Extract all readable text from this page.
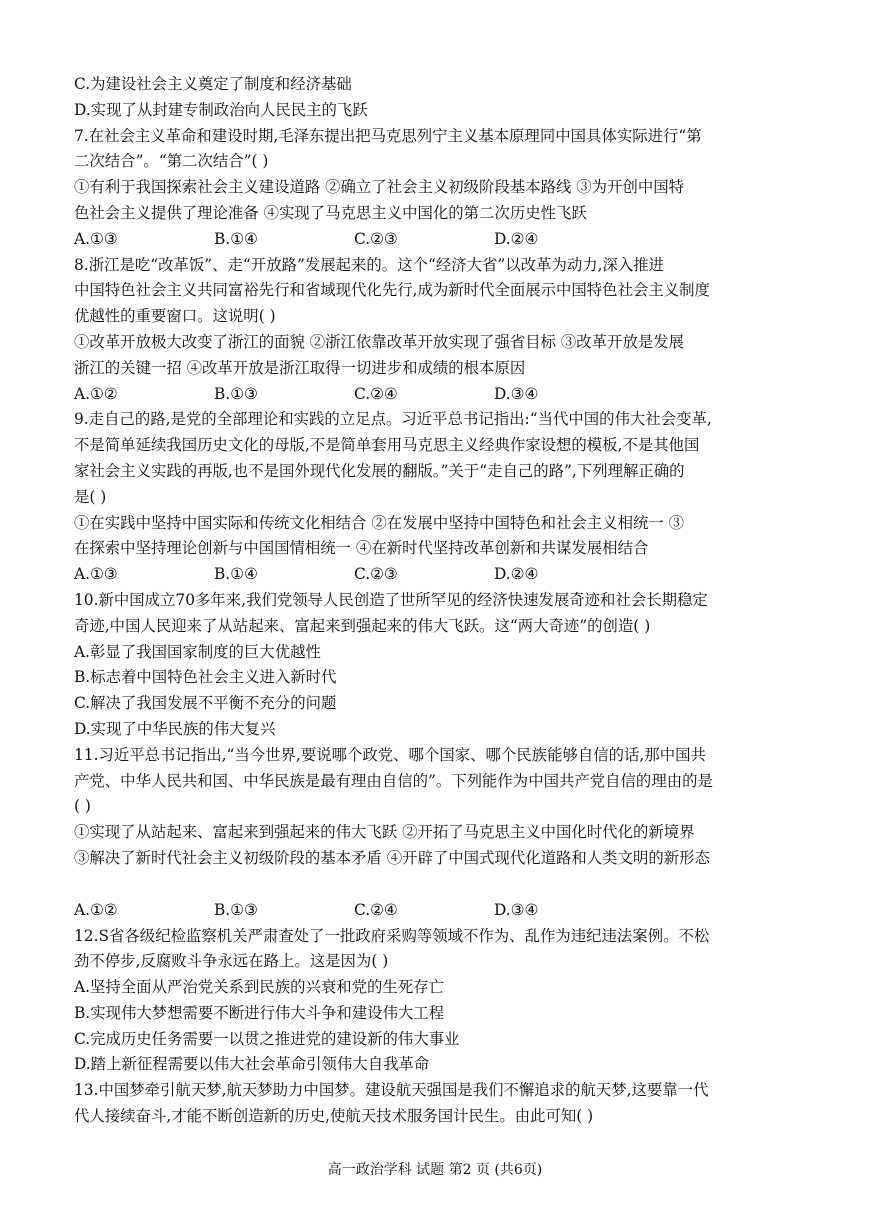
C.为建设社会主义奠定了制度和经济基础
D.实现了从封建专制政治向人民民主的飞跃
7.在社会主义革命和建设时期,毛泽东提出把马克思列宁主义基本原理同中国具体实际进行“第
二次结合”。“第二次结合”( )
①有利于我国探索社会主义建设道路 ②确立了社会主义初级阶段基本路线 ③为开创中国特
色社会主义提供了理论准备 ④实现了马克思主义中国化的第二次历史性飞跃
A.①③	B.①④	C.②③	D.②④
8.浙江是吃“改革饭”、走“开放路”发展起来的。这个“经济大省”以改革为动力,深入推进
中国特色社会主义共同富裕先行和省域现代化先行,成为新时代全面展示中国特色社会主义制度
优越性的重要窗口。这说明( )
①改革开放极大改变了浙江的面貌 ②浙江依靠改革开放实现了强省目标 ③改革开放是发展
浙江的关键一招 ④改革开放是浙江取得一切进步和成绩的根本原因
A.①②	B.①③	C.②④	D.③④
9.走自己的路,是党的全部理论和实践的立足点。习近平总书记指出:“当代中国的伟大社会变革,
不是简单延续我国历史文化的母版,不是简单套用马克思主义经典作家设想的模板,不是其他国
家社会主义实践的再版,也不是国外现代化发展的翻版。”关于“走自己的路”,下列理解正确的
是( )
①在实践中坚持中国实际和传统文化相结合 ②在发展中坚持中国特色和社会主义相统一 ③
在探索中坚持理论创新与中国国情相统一 ④在新时代坚持改革创新和共谋发展相结合
A.①③	B.①④	C.②③	D.②④
10.新中国成立70多年来,我们党领导人民创造了世所罕见的经济快速发展奇迹和社会长期稳定
奇迹,中国人民迎来了从站起来、富起来到强起来的伟大飞跃。这“两大奇迹”的创造( )
A.彰显了我国国家制度的巨大优越性
B.标志着中国特色社会主义进入新时代
C.解决了我国发展不平衡不充分的问题
D.实现了中华民族的伟大复兴
11.习近平总书记指出,“当今世界,要说哪个政党、哪个国家、哪个民族能够自信的话,那中国共
产党、中华人民共和国、中华民族是最有理由自信的”。下列能作为中国共产党自信的理由的是
( )
①实现了从站起来、富起来到强起来的伟大飞跃 ②开拓了马克思主义中国化时代化的新境界
③解决了新时代社会主义初级阶段的基本矛盾 ④开辟了中国式现代化道路和人类文明的新形态
A.①②	B.①③	C.②④	D.③④
12.S省各级纪检监察机关严肃查处了一批政府采购等领域不作为、乱作为违纪违法案例。不松
劲不停步,反腐败斗争永远在路上。这是因为( )
A.坚持全面从严治党关系到民族的兴衰和党的生死存亡
B.实现伟大梦想需要不断进行伟大斗争和建设伟大工程
C.完成历史任务需要一以贯之推进党的建设新的伟大事业
D.踏上新征程需要以伟大社会革命引领伟大自我革命
13.中国梦牵引航天梦,航天梦助力中国梦。建设航天强国是我们不懈追求的航天梦,这要靠一代
代人接续奋斗,才能不断创造新的历史,使航天技术服务国计民生。由此可知( )
高一政治学科 试题 第2 页 (共6页)
